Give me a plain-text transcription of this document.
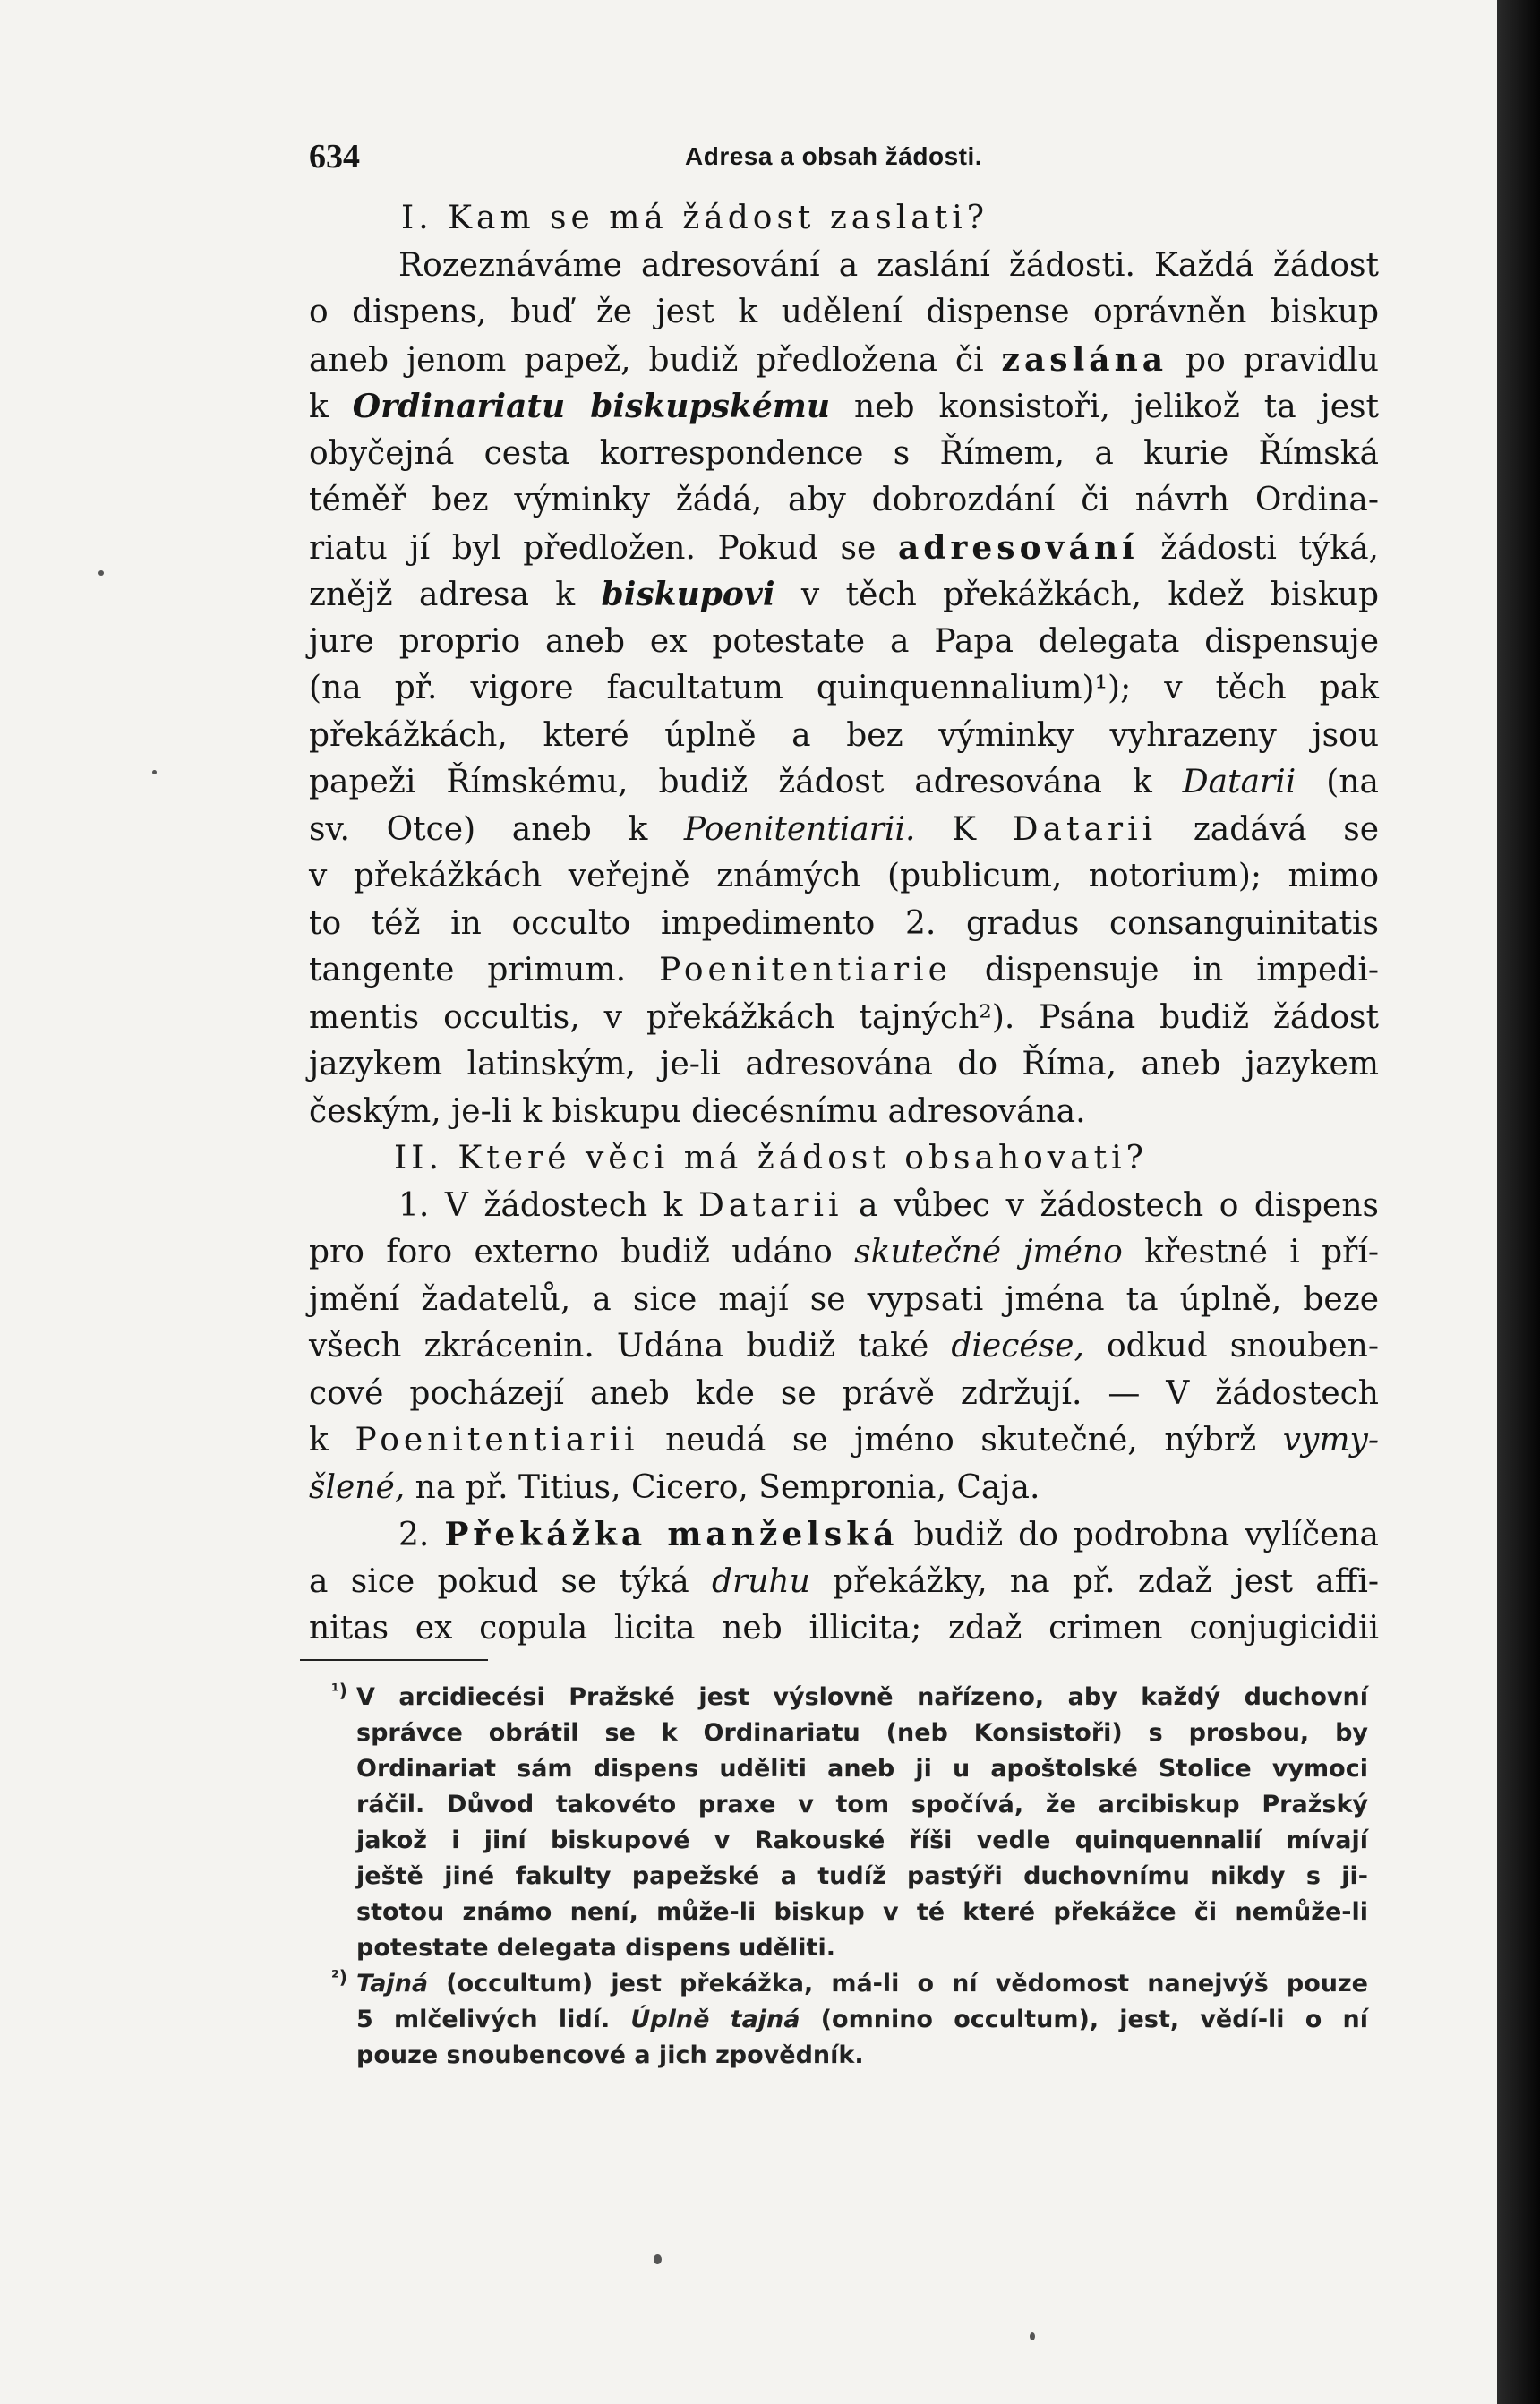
634	Adresa a obsah žádosti.
I. Kam se má žádost zaslati?
Rozeznáváme adresování a zaslání žádosti. Každá žádost
o dispens, buď že jest k udělení dispense oprávněn biskup
aneb jenom papež, budiž předložena či zaslána po pravidlu
k Ordinariatu biskupskému neb konsistoři, jelikož ta jest
obyčejná cesta korrespondence s Římem, a kurie Římská
téměř bez výminky žádá, aby dobrozdání či návrh Ordina-
riatu jí byl předložen. Pokud se adresování žádosti týká,
znějž adresa k biskupovi v těch překážkách, kdež biskup
jure proprio aneb ex potestate a Papa delegata dispensuje
(na př. vigore facultatum quinquennalium)¹); v těch pak
překážkách, které úplně a bez výminky vyhrazeny jsou
papeži Římskému, budiž žádost adresována k Datarii (na
sv. Otce) aneb k Poenitentiarii. K Datarii zadává se
v překážkách veřejně známých (publicum, notorium); mimo
to též in occulto impedimento 2. gradus consanguinitatis
tangente primum. Poenitentiarie dispensuje in impedi-
mentis occultis, v překážkách tajných²). Psána budiž žádost
jazykem latinským, je-li adresována do Říma, aneb jazykem
českým, je-li k biskupu diecésnímu adresována.
II. Které věci má žádost obsahovati?
1. V žádostech k Datarii a vůbec v žádostech o dispens
pro foro externo budiž udáno skutečné jméno křestné i pří-
jmění žadatelů, a sice mají se vypsati jména ta úplně, beze
všech zkrácenin. Udána budiž také diecése, odkud snouben-
cové pocházejí aneb kde se právě zdržují. — V žádostech
k Poenitentiarii neudá se jméno skutečné, nýbrž vymy-
šlené, na př. Titius, Cicero, Sempronia, Caja.
2. Překážka manželská budiž do podrobna vylíčena
a sice pokud se týká druhu překážky, na př. zdaž jest affi-
nitas ex copula licita neb illicita; zdaž crimen conjugicidii
¹) V arcidiecési Pražské jest výslovně nařízeno, aby každý duchovní
správce obrátil se k Ordinariatu (neb Konsistoři) s prosbou, by
Ordinariat sám dispens uděliti aneb ji u apoštolské Stolice vymoci
ráčil. Důvod takovéto praxe v tom spočívá, že arcibiskup Pražský
jakož i jiní biskupové v Rakouské říši vedle quinquennalií mívají
ještě jiné fakulty papežské a tudíž pastýři duchovnímu nikdy s ji-
stotou známo není, může-li biskup v té které překážce či nemůže-li
potestate delegata dispens uděliti.
²) Tajná (occultum) jest překážka, má-li o ní vědomost nanejvýš pouze
5 mlčelivých lidí. Úplně tajná (omnino occultum), jest, vědí-li o ní
pouze snoubencové a jich zpovědník.
